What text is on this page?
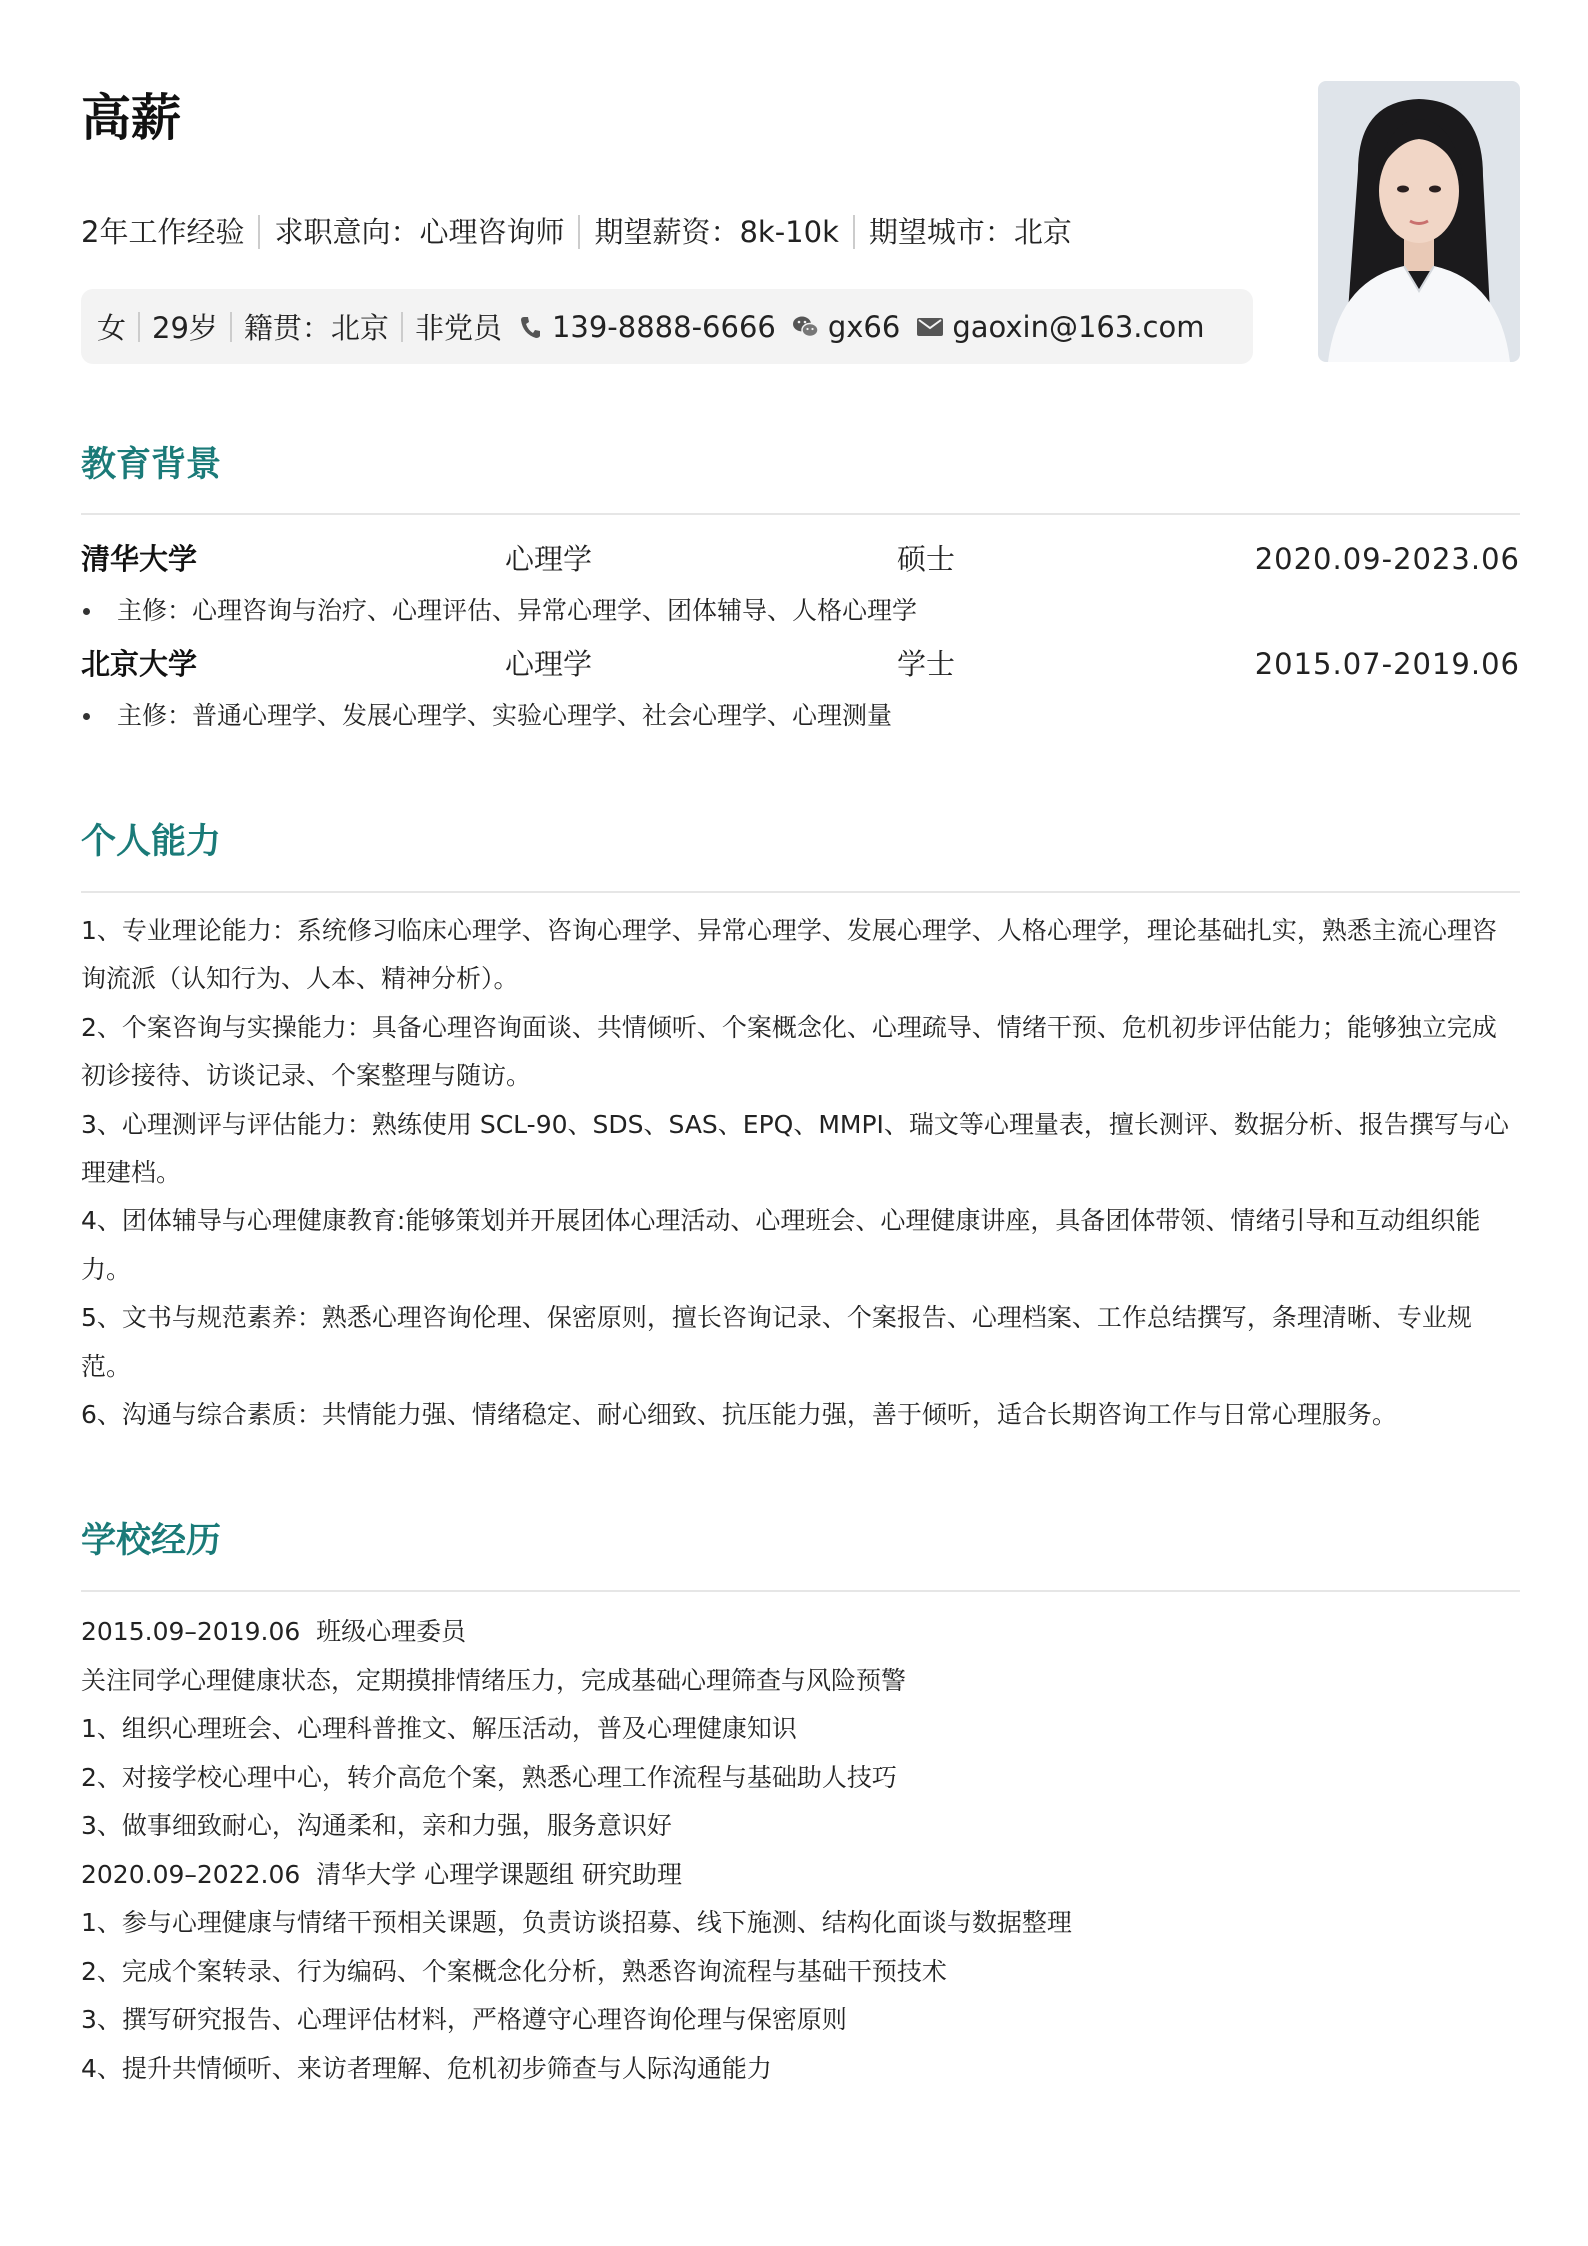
高薪
2年工作经验 求职意向：心理咨询师 期望薪资：8k-10k 期望城市：北京
女 29岁 籍贯：北京 非党员 139-8888-6666 gx66 gaoxin@163.com
教育背景
清华大学	心理学	硕士	2020.09-2023.06
主修：心理咨询与治疗、心理评估、异常心理学、团体辅导、人格心理学
北京大学	心理学	学士	2015.07-2019.06
主修：普通心理学、发展心理学、实验心理学、社会心理学、心理测量
个人能力
1、专业理论能力：系统修习临床心理学、咨询心理学、异常心理学、发展心理学、人格心理学，理论基础扎实，熟悉主流心理咨询流派（认知行为、人本、精神分析）。
2、个案咨询与实操能力：具备心理咨询面谈、共情倾听、个案概念化、心理疏导、情绪干预、危机初步评估能力；能够独立完成初诊接待、访谈记录、个案整理与随访。
3、心理测评与评估能力：熟练使用 SCL-90、SDS、SAS、EPQ、MMPI、瑞文等心理量表，擅长测评、数据分析、报告撰写与心理建档。
4、团体辅导与心理健康教育:能够策划并开展团体心理活动、心理班会、心理健康讲座，具备团体带领、情绪引导和互动组织能力。
5、文书与规范素养：熟悉心理咨询伦理、保密原则，擅长咨询记录、个案报告、心理档案、工作总结撰写，条理清晰、专业规范。
6、沟通与综合素质：共情能力强、情绪稳定、耐心细致、抗压能力强，善于倾听，适合长期咨询工作与日常心理服务。
学校经历
2015.09–2019.06  班级心理委员
关注同学心理健康状态，定期摸排情绪压力，完成基础心理筛查与风险预警
1、组织心理班会、心理科普推文、解压活动，普及心理健康知识
2、对接学校心理中心，转介高危个案，熟悉心理工作流程与基础助人技巧
3、做事细致耐心，沟通柔和，亲和力强，服务意识好
2020.09–2022.06  清华大学 心理学课题组 研究助理
1、参与心理健康与情绪干预相关课题，负责访谈招募、线下施测、结构化面谈与数据整理
2、完成个案转录、行为编码、个案概念化分析，熟悉咨询流程与基础干预技术
3、撰写研究报告、心理评估材料，严格遵守心理咨询伦理与保密原则
4、提升共情倾听、来访者理解、危机初步筛查与人际沟通能力
